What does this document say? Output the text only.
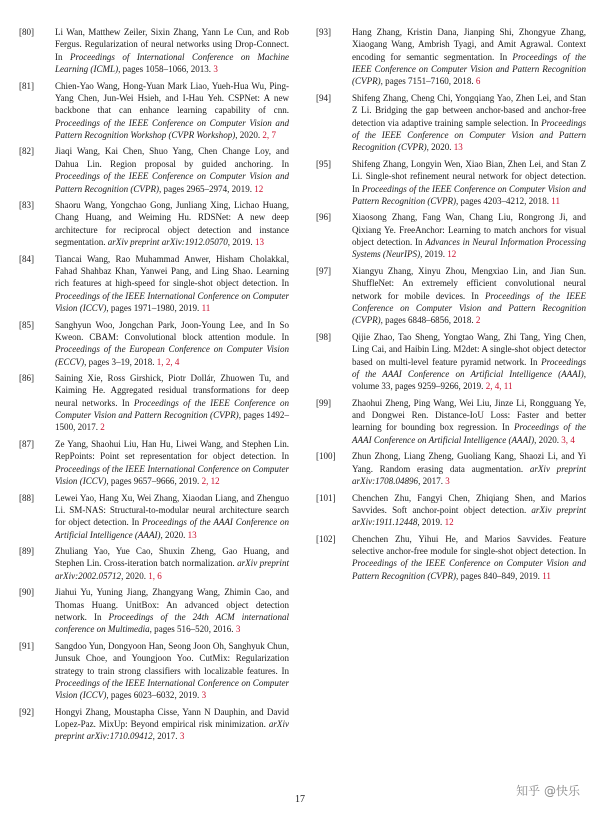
[80] Li Wan, Matthew Zeiler, Sixin Zhang, Yann Le Cun, and Rob Fergus. Regularization of neural networks using Drop-Connect. In Proceedings of International Conference on Machine Learning (ICML), pages 1058–1066, 2013. 3
[81] Chien-Yao Wang, Hong-Yuan Mark Liao, Yueh-Hua Wu, Ping-Yang Chen, Jun-Wei Hsieh, and I-Hau Yeh. CSPNet: A new backbone that can enhance learning capability of cnn. Proceedings of the IEEE Conference on Computer Vision and Pattern Recognition Workshop (CVPR Workshop), 2020. 2, 7
[82] Jiaqi Wang, Kai Chen, Shuo Yang, Chen Change Loy, and Dahua Lin. Region proposal by guided anchoring. In Proceedings of the IEEE Conference on Computer Vision and Pattern Recognition (CVPR), pages 2965–2974, 2019. 12
[83] Shaoru Wang, Yongchao Gong, Junliang Xing, Lichao Huang, Chang Huang, and Weiming Hu. RDSNet: A new deep architecture for reciprocal object detection and instance segmentation. arXiv preprint arXiv:1912.05070, 2019. 13
[84] Tiancai Wang, Rao Muhammad Anwer, Hisham Cholakkal, Fahad Shahbaz Khan, Yanwei Pang, and Ling Shao. Learning rich features at high-speed for single-shot object detection. In Proceedings of the IEEE International Conference on Computer Vision (ICCV), pages 1971–1980, 2019. 11
[85] Sanghyun Woo, Jongchan Park, Joon-Young Lee, and In So Kweon. CBAM: Convolutional block attention module. In Proceedings of the European Conference on Computer Vision (ECCV), pages 3–19, 2018. 1, 2, 4
[86] Saining Xie, Ross Girshick, Piotr Dollár, Zhuowen Tu, and Kaiming He. Aggregated residual transformations for deep neural networks. In Proceedings of the IEEE Conference on Computer Vision and Pattern Recognition (CVPR), pages 1492–1500, 2017. 2
[87] Ze Yang, Shaohui Liu, Han Hu, Liwei Wang, and Stephen Lin. RepPoints: Point set representation for object detection. In Proceedings of the IEEE International Conference on Computer Vision (ICCV), pages 9657–9666, 2019. 2, 12
[88] Lewei Yao, Hang Xu, Wei Zhang, Xiaodan Liang, and Zhenguo Li. SM-NAS: Structural-to-modular neural architecture search for object detection. In Proceedings of the AAAI Conference on Artificial Intelligence (AAAI), 2020. 13
[89] Zhuliang Yao, Yue Cao, Shuxin Zheng, Gao Huang, and Stephen Lin. Cross-iteration batch normalization. arXiv preprint arXiv:2002.05712, 2020. 1, 6
[90] Jiahui Yu, Yuning Jiang, Zhangyang Wang, Zhimin Cao, and Thomas Huang. UnitBox: An advanced object detection network. In Proceedings of the 24th ACM international conference on Multimedia, pages 516–520, 2016. 3
[91] Sangdoo Yun, Dongyoon Han, Seong Joon Oh, Sanghyuk Chun, Junsuk Choe, and Youngjoon Yoo. CutMix: Regularization strategy to train strong classifiers with localizable features. In Proceedings of the IEEE International Conference on Computer Vision (ICCV), pages 6023–6032, 2019. 3
[92] Hongyi Zhang, Moustapha Cisse, Yann N Dauphin, and David Lopez-Paz. MixUp: Beyond empirical risk minimization. arXiv preprint arXiv:1710.09412, 2017. 3
[93] Hang Zhang, Kristin Dana, Jianping Shi, Zhongyue Zhang, Xiaogang Wang, Ambrish Tyagi, and Amit Agrawal. Context encoding for semantic segmentation. In Proceedings of the IEEE Conference on Computer Vision and Pattern Recognition (CVPR), pages 7151–7160, 2018. 6
[94] Shifeng Zhang, Cheng Chi, Yongqiang Yao, Zhen Lei, and Stan Z Li. Bridging the gap between anchor-based and anchor-free detection via adaptive training sample selection. In Proceedings of the IEEE Conference on Computer Vision and Pattern Recognition (CVPR), 2020. 13
[95] Shifeng Zhang, Longyin Wen, Xiao Bian, Zhen Lei, and Stan Z Li. Single-shot refinement neural network for object detection. In Proceedings of the IEEE Conference on Computer Vision and Pattern Recognition (CVPR), pages 4203–4212, 2018. 11
[96] Xiaosong Zhang, Fang Wan, Chang Liu, Rongrong Ji, and Qixiang Ye. FreeAnchor: Learning to match anchors for visual object detection. In Advances in Neural Information Processing Systems (NeurIPS), 2019. 12
[97] Xiangyu Zhang, Xinyu Zhou, Mengxiao Lin, and Jian Sun. ShuffleNet: An extremely efficient convolutional neural network for mobile devices. In Proceedings of the IEEE Conference on Computer Vision and Pattern Recognition (CVPR), pages 6848–6856, 2018. 2
[98] Qijie Zhao, Tao Sheng, Yongtao Wang, Zhi Tang, Ying Chen, Ling Cai, and Haibin Ling. M2det: A single-shot object detector based on multi-level feature pyramid network. In Proceedings of the AAAI Conference on Artificial Intelligence (AAAI), volume 33, pages 9259–9266, 2019. 2, 4, 11
[99] Zhaohui Zheng, Ping Wang, Wei Liu, Jinze Li, Rongguang Ye, and Dongwei Ren. Distance-IoU Loss: Faster and better learning for bounding box regression. In Proceedings of the AAAI Conference on Artificial Intelligence (AAAI), 2020. 3, 4
[100] Zhun Zhong, Liang Zheng, Guoliang Kang, Shaozi Li, and Yi Yang. Random erasing data augmentation. arXiv preprint arXiv:1708.04896, 2017. 3
[101] Chenchen Zhu, Fangyi Chen, Zhiqiang Shen, and Marios Savvides. Soft anchor-point object detection. arXiv preprint arXiv:1911.12448, 2019. 12
[102] Chenchen Zhu, Yihui He, and Marios Savvides. Feature selective anchor-free module for single-shot object detection. In Proceedings of the IEEE Conference on Computer Vision and Pattern Recognition (CVPR), pages 840–849, 2019. 11
17
知乎 @快乐
